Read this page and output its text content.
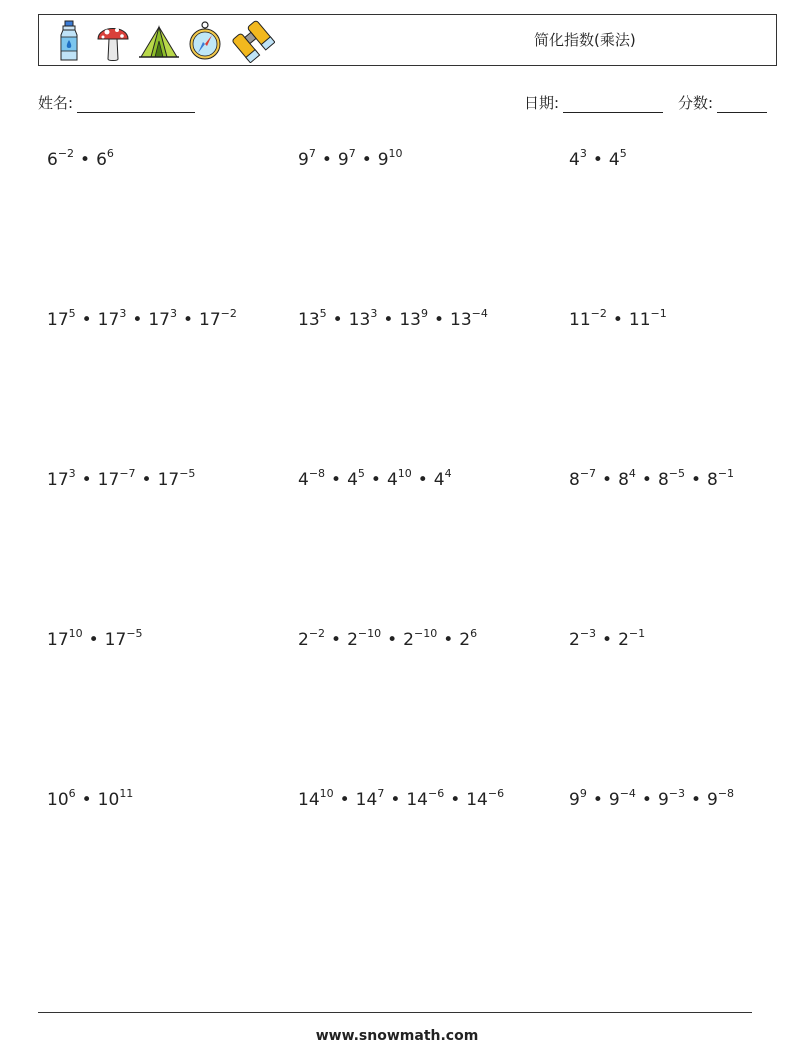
简化指数(乘法)
姓名:	日期:	分数:
$6^{-2}$ • $6^6$	$9^7$ • $9^7$ • $9^{10}$	$4^3$ • $4^5$
$17^5$ • $17^3$ • $17^3$ • $17^{-2}$	$13^5$ • $13^3$ • $13^9$ • $13^{-4}$	$11^{-2}$ • $11^{-1}$
$17^3$ • $17^{-7}$ • $17^{-5}$	$4^{-8}$ • $4^5$ • $4^{10}$ • $4^4$	$8^{-7}$ • $8^4$ • $8^{-5}$ • $8^{-1}$
$17^{10}$ • $17^{-5}$	$2^{-2}$ • $2^{-10}$ • $2^{-10}$ • $2^6$	$2^{-3}$ • $2^{-1}$
$10^6$ • $10^{11}$	$14^{10}$ • $14^7$ • $14^{-6}$ • $14^{-6}$	$9^9$ • $9^{-4}$ • $9^{-3}$ • $9^{-8}$
www.snowmath.com
